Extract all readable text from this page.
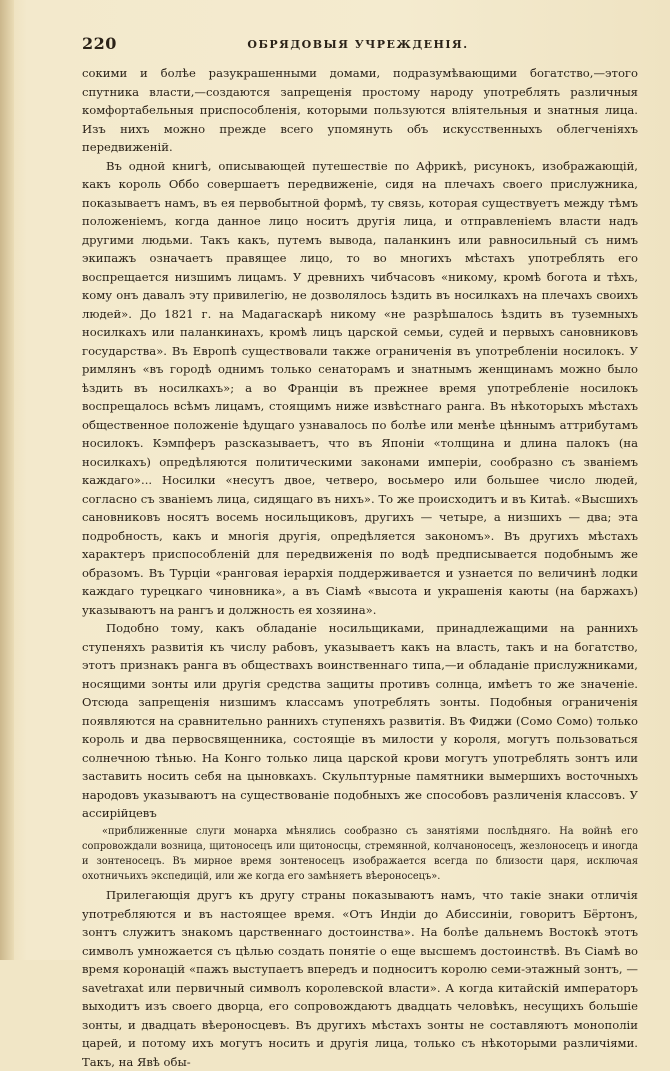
220	ОБРЯДОВЫЯ УЧРЕЖДЕНІЯ.

сокими и болѣе разукрашенными домами, подразумѣвающими богатство,—этого спутника власти,—создаются запрещенія простому народу употреблять различныя комфортабельныя приспособленія, которыми пользуются вліятельныя и знатныя лица. Изъ нихъ можно прежде всего упомянуть объ искусственныхъ облегченіяхъ передвиженій.

Въ одной книгѣ, описывающей путешествіе по Африкѣ, рисунокъ, изображающій, какъ король Оббо совершаетъ передвиженіе, сидя на плечахъ своего прислужника, показываетъ намъ, въ ея первобытной формѣ, ту связь, которая существуетъ между тѣмъ положеніемъ, когда данное лицо носитъ другія лица, и отправленіемъ власти надъ другими людьми. Такъ какъ, путемъ вывода, паланкинъ или равносильный съ нимъ экипажъ означаетъ правящее лицо, то во многихъ мѣстахъ употреблять его воспрещается низшимъ лицамъ. У древнихъ чибчасовъ «никому, кромѣ богота и тѣхъ, кому онъ давалъ эту привилегію, не дозволялось ѣздить въ носилкахъ на плечахъ своихъ людей». До 1821 г. на Мадагаскарѣ никому «не разрѣшалось ѣздить въ туземныхъ носилкахъ или паланкинахъ, кромѣ лицъ царской семьи, судей и первыхъ сановниковъ государства». Въ Европѣ существовали также ограниченія въ употребленіи носилокъ. У римлянъ «въ городѣ однимъ только сенаторамъ и знатнымъ женщинамъ можно было ѣздить въ носилкахъ»; а во Франціи въ прежнее время употребленіе носилокъ воспрещалось всѣмъ лицамъ, стоящимъ ниже извѣстнаго ранга. Въ нѣкоторыхъ мѣстахъ общественное положеніе ѣдущаго узнавалось по болѣе или менѣе цѣннымъ аттрибутамъ носилокъ. Кэмпферъ разсказываетъ, что въ Японіи «толщина и длина палокъ (на носилкахъ) опредѣляются политическими законами имперіи, сообразно съ званіемъ каждаго»... Носилки «несутъ двое, четверо, восьмеро или большее число людей, согласно съ званіемъ лица, сидящаго въ нихъ». То же происходитъ и въ Китаѣ. «Высшихъ сановниковъ носятъ восемь носильщиковъ, другихъ — четыре, а низшихъ — два; эта подробность, какъ и многія другія, опредѣляется закономъ». Въ другихъ мѣстахъ характеръ приспособленій для передвиженія по водѣ предписывается подобнымъ же образомъ. Въ Турціи «ранговая іерархія поддерживается и узнается по величинѣ лодки каждаго турецкаго чиновника», а въ Сіамѣ «высота и украшенія каюты (на баржахъ) указываютъ на рангъ и должность ея хозяина».

Подобно тому, какъ обладаніе носильщиками, принадлежащими на раннихъ ступеняхъ развитія къ числу рабовъ, указываетъ какъ на власть, такъ и на богатство, этотъ признакъ ранга въ обществахъ воинственнаго типа,—и обладаніе прислужниками, носящими зонты или другія средства защиты противъ солнца, имѣетъ то же значеніе. Отсюда запрещенія низшимъ классамъ употреблять зонты. Подобныя ограниченія появляются на сравнительно раннихъ ступеняхъ развитія. Въ Фиджи (Сомо Сомо) только король и два первосвященника, состоящіе въ милости у короля, могутъ пользоваться солнечною тѣнью. На Конго только лица царской крови могутъ употреблять зонтъ или заставить носить себя на цыновкахъ. Скульптурные памятники вымершихъ восточныхъ народовъ указываютъ на существованіе подобныхъ же способовъ различенія классовъ. У ассирійцевъ

«приближенные слуги монарха мѣнялись сообразно съ занятіями послѣдняго. На войнѣ его сопровождали возница, щитоносецъ или щитоносцы, стремянной, колчаноносецъ, жезлоносецъ и иногда и зонтеносецъ. Въ мирное время зонтеносецъ изображается всегда по близости царя, исключая охотничьихъ экспедицій, или же когда его замѣняетъ вѣероносецъ».

Прилегающія другъ къ другу страны показываютъ намъ, что такіе знаки отличія употребляются и въ настоящее время. «Отъ Индіи до Абиссиніи, говоритъ Бёртонъ, зонтъ служитъ знакомъ царственнаго достоинства». На болѣе дальнемъ Востокѣ этотъ символъ умножается съ цѣлью создать понятіе о еще высшемъ достоинствѣ. Въ Сіамѣ во время коронацій «пажъ выступаетъ впередъ и подноситъ королю семи-этажный зонтъ, — savetraxat или первичный символъ королевской власти». А когда китайскій императоръ выходитъ изъ своего дворца, его сопровождаютъ двадцать человѣкъ, несущихъ большіе зонты, и двадцать вѣероносцевъ. Въ другихъ мѣстахъ зонты не составляютъ монополіи царей, и потому ихъ могутъ носить и другія лица, только съ нѣкоторыми различіями. Такъ, на Явѣ обы-
